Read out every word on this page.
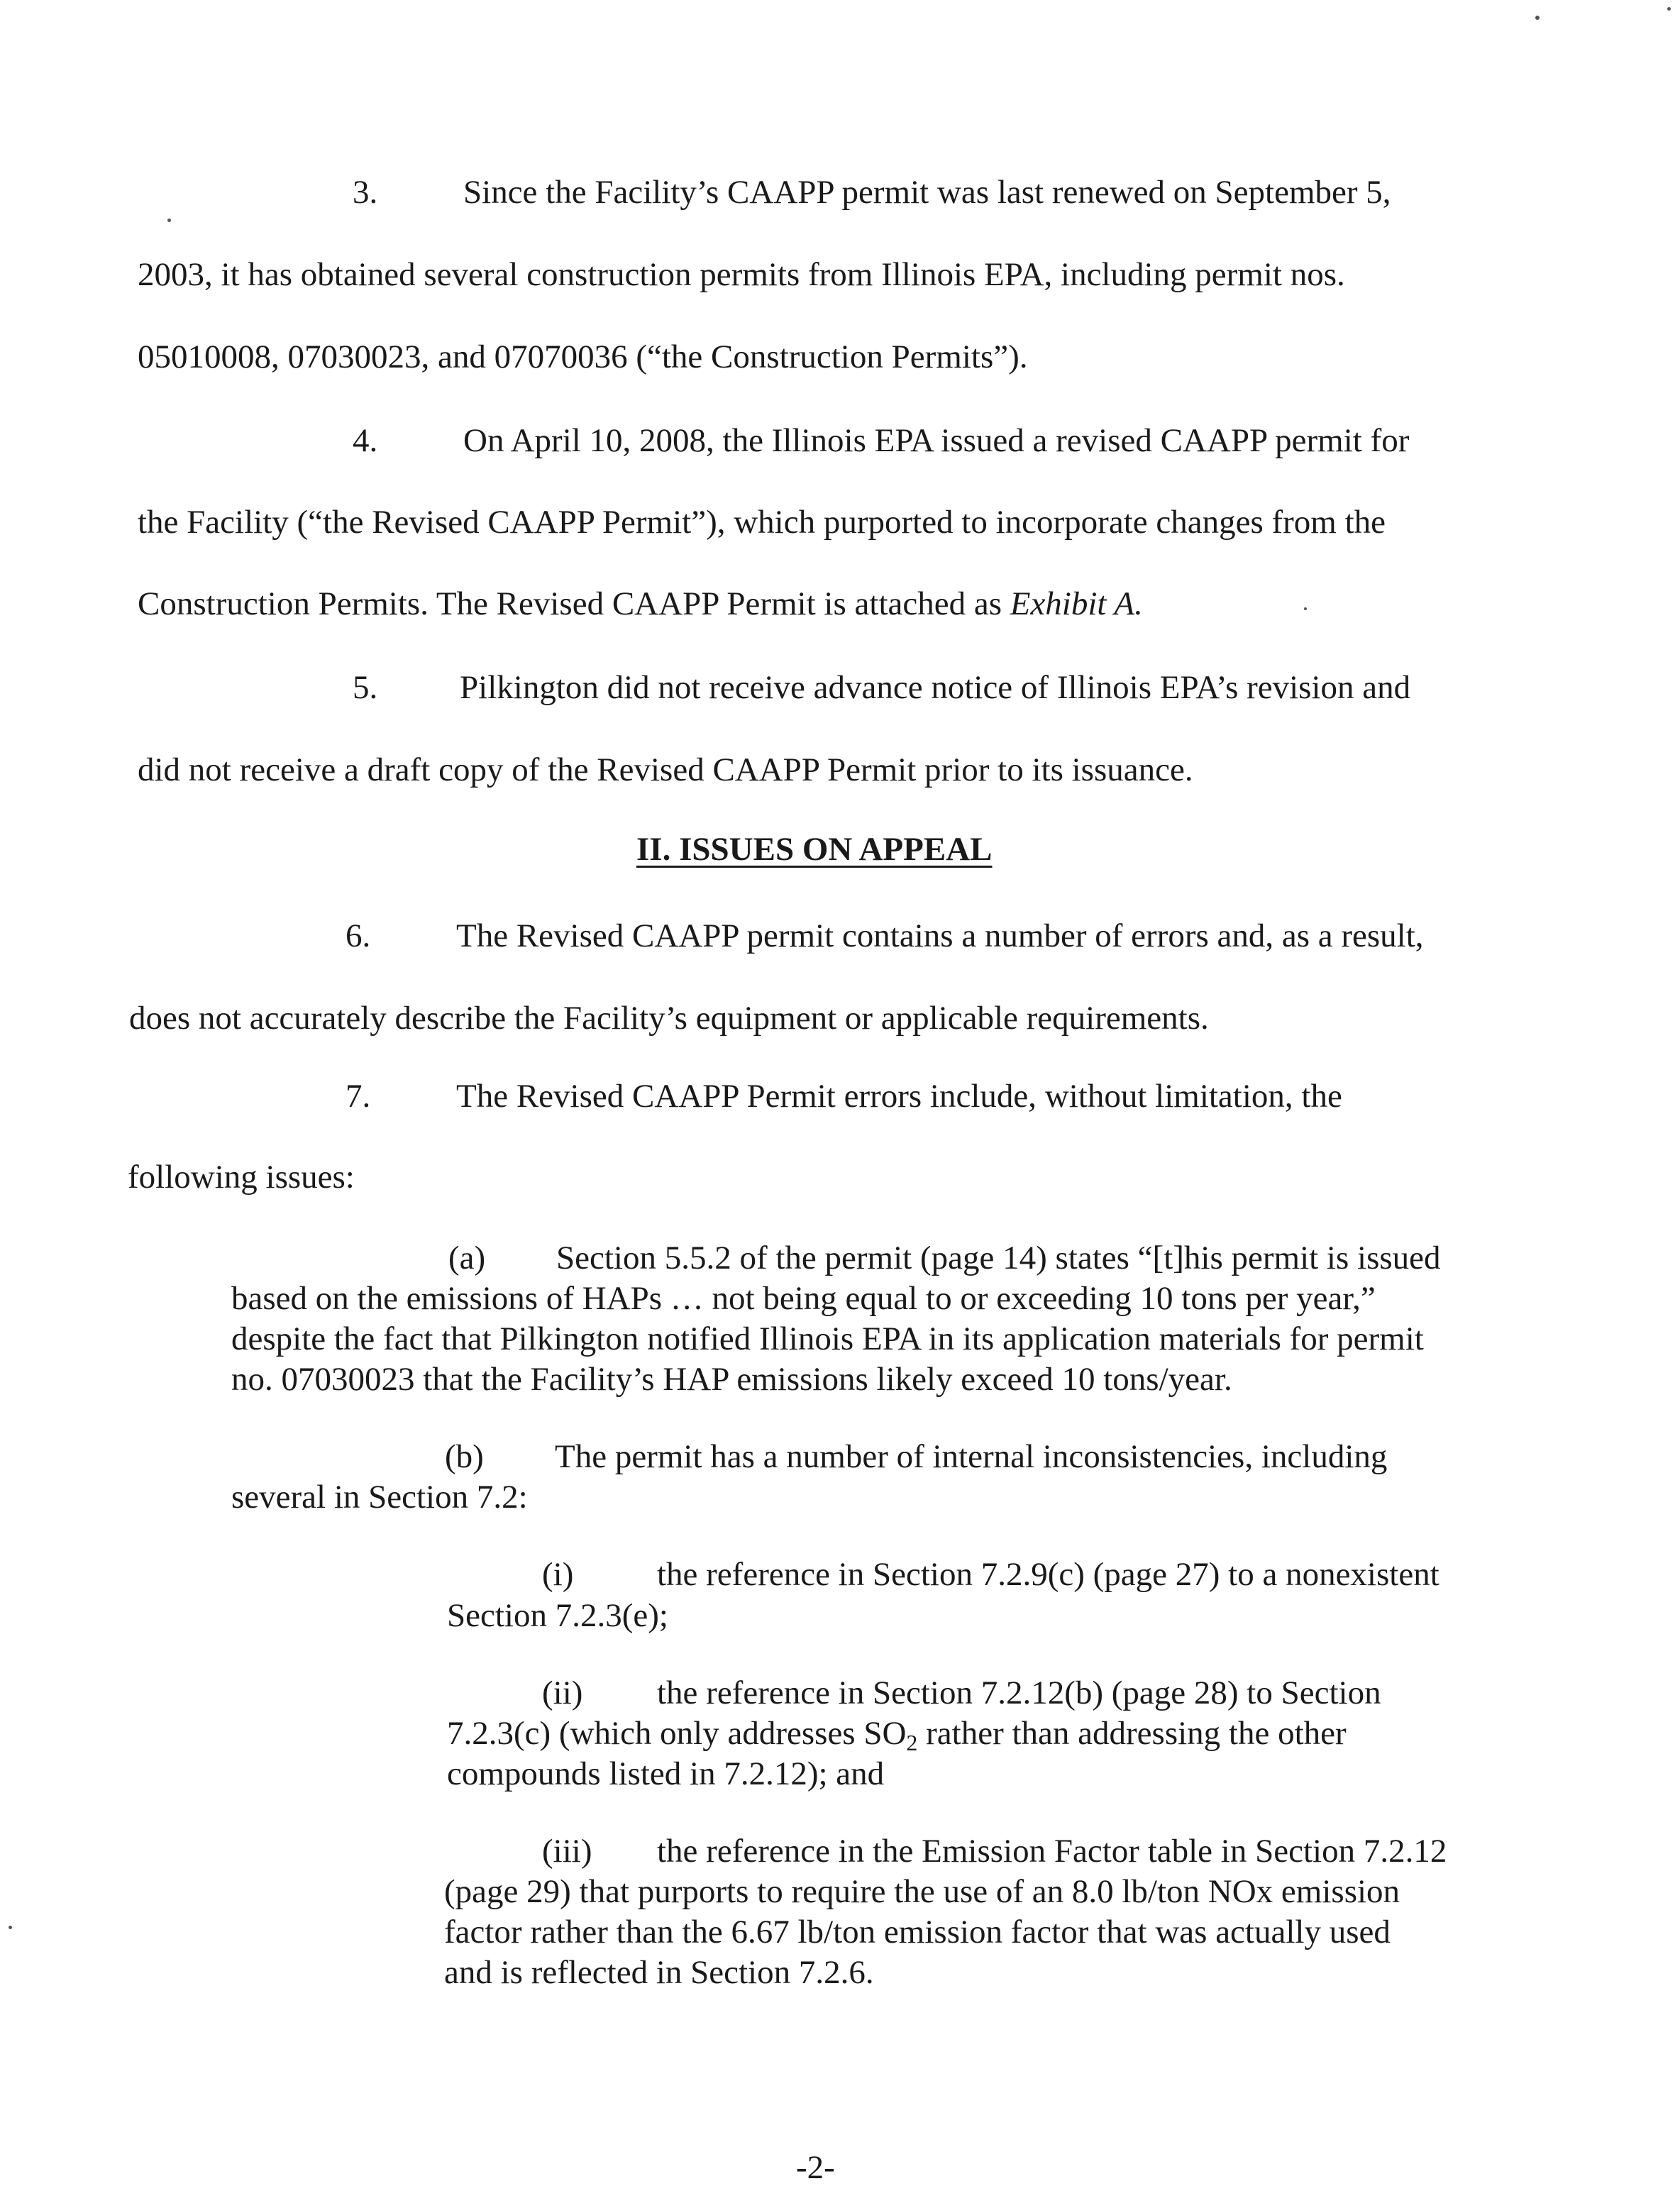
3.	Since the Facility’s CAAPP permit was last renewed on September 5,
2003, it has obtained several construction permits from Illinois EPA, including permit nos.
05010008, 07030023, and 07070036 (“the Construction Permits”).
4.	On April 10, 2008, the Illinois EPA issued a revised CAAPP permit for
the Facility (“the Revised CAAPP Permit”), which purported to incorporate changes from the
Construction Permits. The Revised CAAPP Permit is attached as Exhibit A.
5. Pilkington did not receive advance notice of Illinois EPA’s revision and
did not receive a draft copy of the Revised CAAPP Permit prior to its issuance.
II. ISSUES ON APPEAL
6.	The Revised CAAPP permit contains a number of errors and, as a result,
does not accurately describe the Facility’s equipment or applicable requirements.
7.	The Revised CAAPP Permit errors include, without limitation, the
following issues:
(a) Section 5.5.2 of the permit (page 14) states “[t]his permit is issued
based on the emissions of HAPs … not being equal to or exceeding 10 tons per year,”
despite the fact that Pilkington notified Illinois EPA in its application materials for permit
no. 07030023 that the Facility’s HAP emissions likely exceed 10 tons/year.
(b) The permit has a number of internal inconsistencies, including
several in Section 7.2:
(i)	the reference in Section 7.2.9(c) (page 27) to a nonexistent
Section 7.2.3(e);
(ii) the reference in Section 7.2.12(b) (page 28) to Section
7.2.3(c) (which only addresses $SO_2$ rather than addressing the other
compounds listed in 7.2.12); and
(iii) the reference in the Emission Factor table in Section 7.2.12
(page 29) that purports to require the use of an 8.0 lb/ton NOx emission
factor rather than the 6.67 lb/ton emission factor that was actually used
and is reflected in Section 7.2.6.
-2-
